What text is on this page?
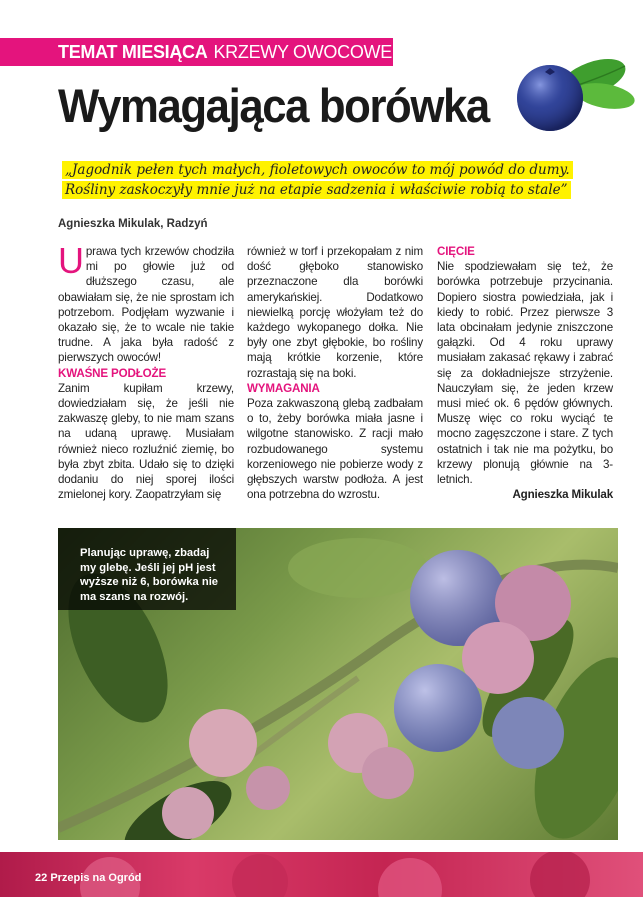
TEMAT MIESIĄCA KRZEWY OWOCOWE
Wymagająca borówka
„Jagodnik pełen tych małych, fioletowych owoców to mój powód do dumy. Rośliny zaskoczyły mnie już na etapie sadzenia i właściwie robią to stale”
Agnieszka Mikulak, Radzyń

Uprawa tych krzewów chodziła mi po głowie już od dłuższego czasu, ale obawiałam się, że nie sprostam ich potrzebom. Podjęłam wyzwanie i okazało się, że to wcale nie takie trudne. A jaka była radość z pierwszych owoców!

KWAŚNE PODŁOŻE

Zanim kupiłam krzewy, dowiedziałam się, że jeśli nie zakwaszę gleby, to nie mam szans na udaną uprawę. Musiałam również nieco rozluźnić ziemię, bo była zbyt zbita. Udało się to dzięki dodaniu do niej sporej ilości zmielonej kory. Zaopatrzyłam się

również w torf i przekopałam z nim dość głęboko stanowisko przeznaczone dla borówki amerykańskiej. Dodatkowo niewielką porcję włożyłam też do każdego wykopanego dołka. Nie były one zbyt głębokie, bo rośliny mają krótkie korzenie, które rozrastają się na boki.

WYMAGANIA

Poza zakwaszoną glebą zadbałam o to, żeby borówka miała jasne i wilgotne stanowisko. Z racji mało rozbudowanego systemu korzeniowego nie pobierze wody z głębszych warstw podłoża. A jest ona potrzebna do wzrostu.

CIĘCIE

Nie spodziewałam się też, że borówka potrzebuje przycinania. Dopiero siostra powiedziała, jak i kiedy to robić. Przez pierwsze 3 lata obcinałam jedynie zniszczone gałązki. Od 4 roku uprawy musiałam zakasać rękawy i zabrać się za dokładniejsze strzyżenie. Nauczyłam się, że jeden krzew musi mieć ok. 6 pędów głównych. Muszę więc co roku wyciąć te mocno zagęszczone i stare. Z tych ostatnich i tak nie ma pożytku, bo krzewy plonują głównie na 3-letnich.

Agnieszka Mikulak

Planując uprawę, zbadaj my glebę. Jeśli jej pH jest wyższe niż 6, borówka nie ma szans na rozwój.
22 Przepis na Ogród
